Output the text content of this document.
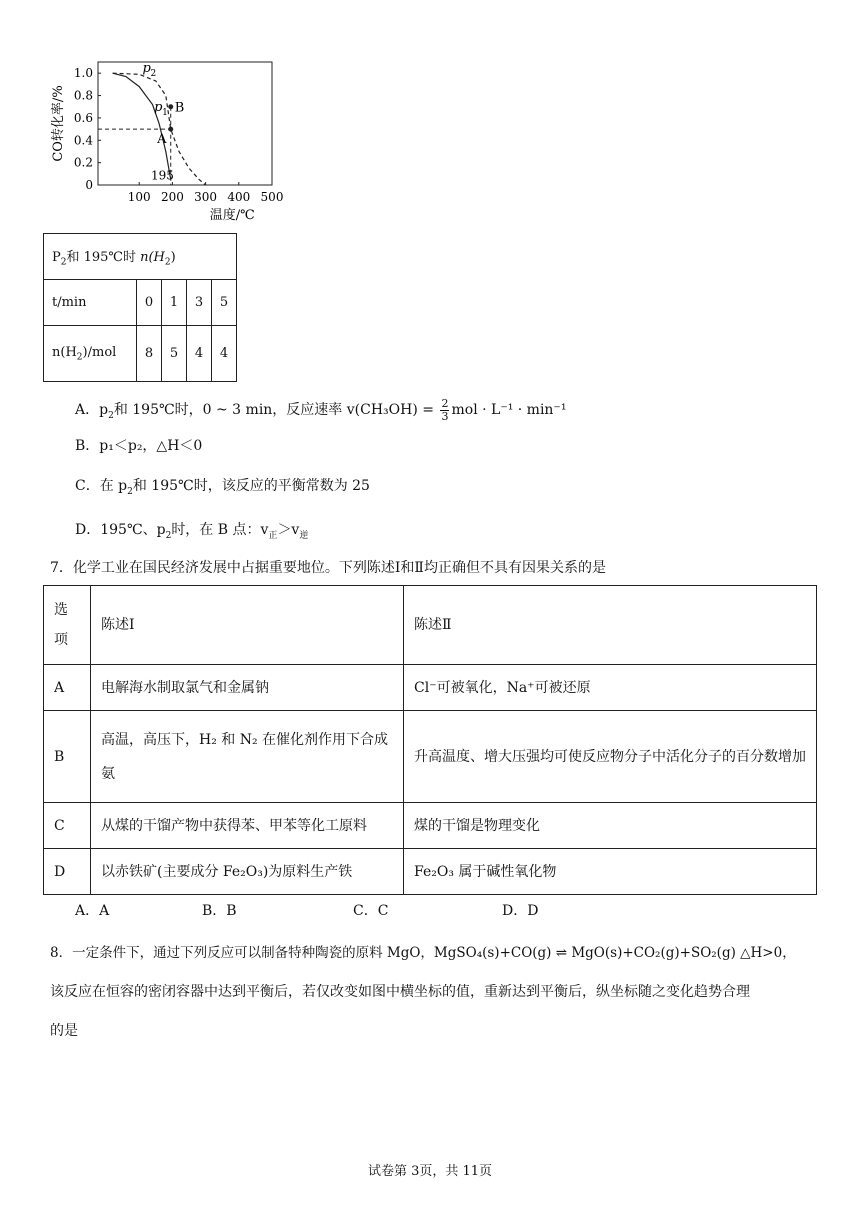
0
0.2
0.4
0.6
0.8
1.0
100 200 300 400 500
CO转化率/%
温度/℃
B
A
p 2
p 1
195
$P_2$和 195℃时 $n(H_2)$				
t/min	0	1	3	5
$n(H_2)$/mol	8	5	4	4
A．$p_2$和 195℃时，0 ~ 3 min，反应速率 $v(CH_3OH) = \frac{2}{3}$ mol · L⁻¹ · min⁻¹
B．p₁＜p₂，△H＜0
C．在 $p_2$和 195℃时，该反应的平衡常数为 25
D．195℃、$p_2$时，在 B 点：$v_正>v_逆$
7．化学工业在国民经济发展中占据重要地位。下列陈述Ⅰ和Ⅱ均正确但不具有因果关系的是
选项	陈述Ⅰ	陈述Ⅱ
A	电解海水制取氯气和金属钠	Cl⁻可被氧化，Na⁺可被还原
B	高温，高压下，H₂ 和 N₂ 在催化剂作用下合成氨	升高温度、增大压强均可使反应物分子中活化分子的百分数增加
C	从煤的干馏产物中获得苯、甲苯等化工原料	煤的干馏是物理变化
D	以赤铁矿(主要成分 Fe₂O₃)为原料生产铁	Fe₂O₃ 属于碱性氧化物
A．A	B．B	C．C	D．D
8．一定条件下，通过下列反应可以制备特种陶瓷的原料 MgO，MgSO₄(s)+CO(g) ⇌ MgO(s)+CO₂(g)+SO₂(g) △H>0，
该反应在恒容的密闭容器中达到平衡后，若仅改变如图中横坐标的值，重新达到平衡后，纵坐标随之变化趋势合理
的是
试卷第 3页，共 11页
